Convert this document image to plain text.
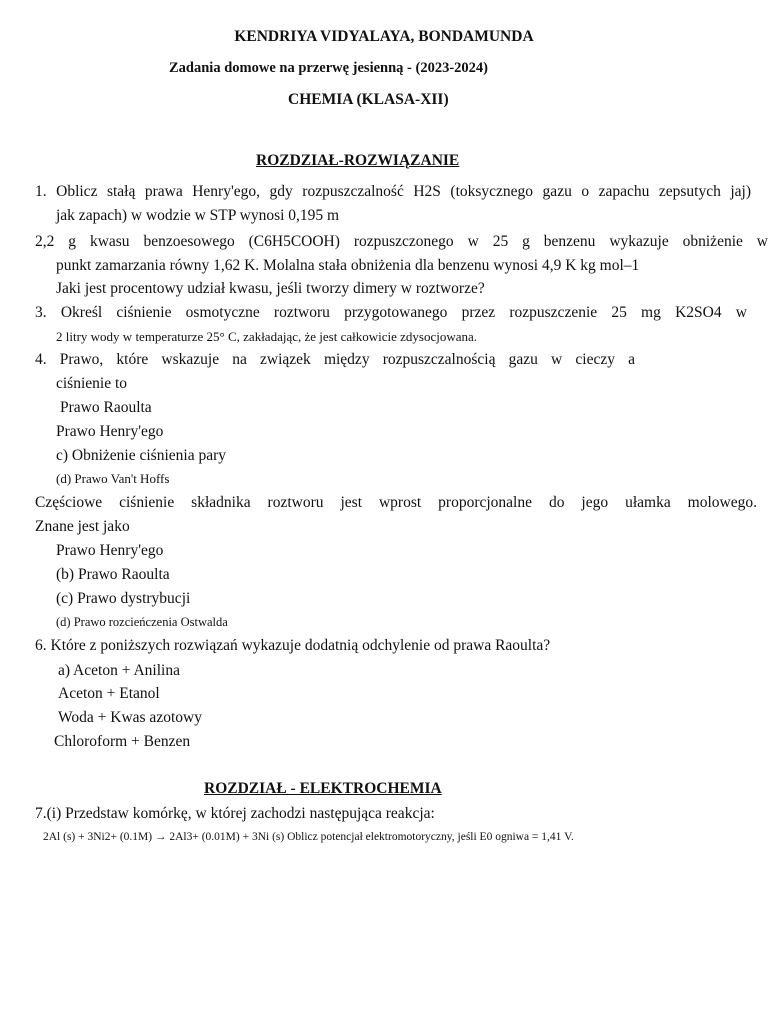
KENDRIYA VIDYALAYA, BONDAMUNDA
Zadania domowe na przerwę jesienną - (2023-2024)
CHEMIA (KLASA-XII)
ROZDZIAŁ-ROZWIĄZANIE
1. Oblicz stałą prawa Henry'ego, gdy rozpuszczalność H2S (toksycznego gazu o zapachu zepsutych jaj)
jak zapach) w wodzie w STP wynosi 0,195 m
2,2 g kwasu benzoesowego (C6H5COOH) rozpuszczonego w 25 g benzenu wykazuje obniżenie w
punkt zamarzania równy 1,62 K. Molalna stała obniżenia dla benzenu wynosi 4,9 K kg mol–1
Jaki jest procentowy udział kwasu, jeśli tworzy dimery w roztworze?
3. Określ ciśnienie osmotyczne roztworu przygotowanego przez rozpuszczenie 25 mg K2SO4 w
2 litry wody w temperaturze 25° C, zakładając, że jest całkowicie zdysocjowana.
4. Prawo, które wskazuje na związek między rozpuszczalnością gazu w cieczy a
ciśnienie to
Prawo Raoulta
Prawo Henry'ego
c) Obniżenie ciśnienia pary
(d) Prawo Van't Hoffs
Częściowe ciśnienie składnika roztworu jest wprost proporcjonalne do jego ułamka molowego.
Znane jest jako
Prawo Henry'ego
(b) Prawo Raoulta
(c) Prawo dystrybucji
(d) Prawo rozcieńczenia Ostwalda
6. Które z poniższych rozwiązań wykazuje dodatnią odchylenie od prawa Raoulta?
a) Aceton + Anilina
Aceton + Etanol
Woda + Kwas azotowy
Chloroform + Benzen
ROZDZIAŁ - ELEKTROCHEMIA
7.(i) Przedstaw komórkę, w której zachodzi następująca reakcja:
2Al (s) + 3Ni2+ (0.1M) → 2Al3+ (0.01M) + 3Ni (s) Oblicz potencjał elektromotoryczny, jeśli E0 ogniwa = 1,41 V.
